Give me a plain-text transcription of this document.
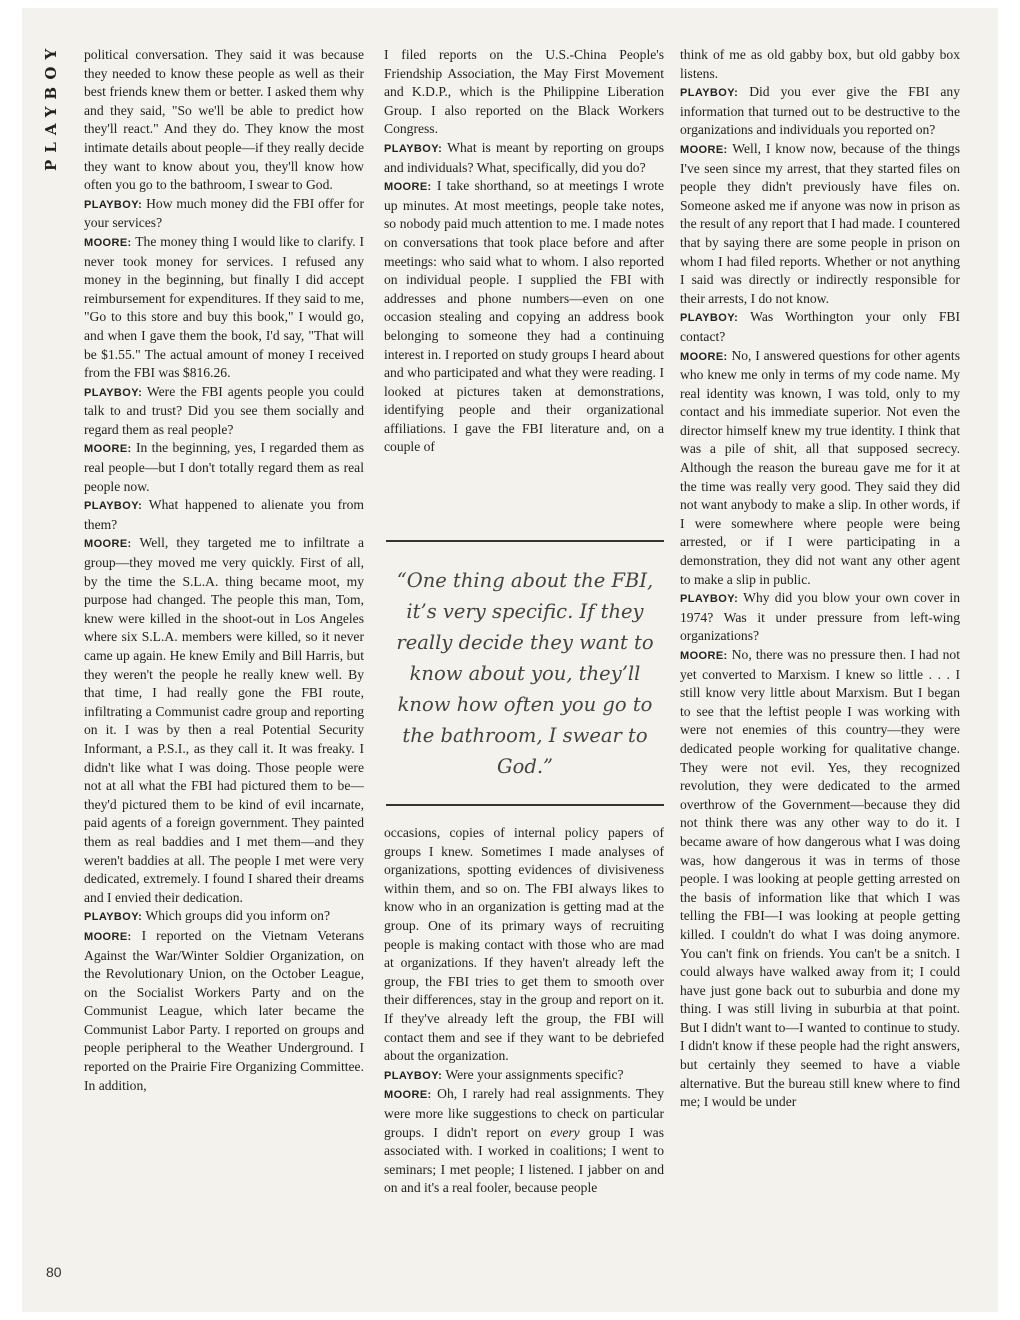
PLAYBOY
80

political conversation. They said it was because they needed to know these people as well as their best friends knew them or better. I asked them why and they said, "So we'll be able to predict how they'll react." And they do. They know the most intimate details about people—if they really decide they want to know about you, they'll know how often you go to the bathroom, I swear to God.

PLAYBOY: How much money did the FBI offer for your services?

MOORE: The money thing I would like to clarify. I never took money for services. I refused any money in the beginning, but finally I did accept reimbursement for expenditures. If they said to me, "Go to this store and buy this book," I would go, and when I gave them the book, I'd say, "That will be $1.55." The actual amount of money I received from the FBI was $816.26.

PLAYBOY: Were the FBI agents people you could talk to and trust? Did you see them socially and regard them as real people?

MOORE: In the beginning, yes, I regarded them as real people—but I don't totally regard them as real people now.

PLAYBOY: What happened to alienate you from them?

MOORE: Well, they targeted me to infiltrate a group—they moved me very quickly. First of all, by the time the S.L.A. thing became moot, my purpose had changed. The people this man, Tom, knew were killed in the shoot-out in Los Angeles where six S.L.A. members were killed, so it never came up again. He knew Emily and Bill Harris, but they weren't the people he really knew well. By that time, I had really gone the FBI route, infiltrating a Communist cadre group and reporting on it. I was by then a real Potential Security Informant, a P.S.I., as they call it. It was freaky. I didn't like what I was doing. Those people were not at all what the FBI had pictured them to be—they'd pictured them to be kind of evil incarnate, paid agents of a foreign government. They painted them as real baddies and I met them—and they weren't baddies at all. The people I met were very dedicated, extremely. I found I shared their dreams and I envied their dedication.

PLAYBOY: Which groups did you inform on?

MOORE: I reported on the Vietnam Veterans Against the War/Winter Soldier Organization, on the Revolutionary Union, on the October League, on the Socialist Workers Party and on the Communist League, which later became the Communist Labor Party. I reported on groups and people peripheral to the Weather Underground. I reported on the Prairie Fire Organizing Committee. In addition,

I filed reports on the U.S.-China People's Friendship Association, the May First Movement and K.D.P., which is the Philippine Liberation Group. I also reported on the Black Workers Congress.

PLAYBOY: What is meant by reporting on groups and individuals? What, specifically, did you do?

MOORE: I take shorthand, so at meetings I wrote up minutes. At most meetings, people take notes, so nobody paid much attention to me. I made notes on conversations that took place before and after meetings: who said what to whom. I also reported on individual people. I supplied the FBI with addresses and phone numbers—even on one occasion stealing and copying an address book belonging to someone they had a continuing interest in. I reported on study groups I heard about and who participated and what they were reading. I looked at pictures taken at demonstrations, identifying people and their organizational affiliations. I gave the FBI literature and, on a couple of

“One thing about the FBI, it’s very specific. If they really decide they want to know about you, they’ll know how often you go to the bathroom, I swear to God.”

occasions, copies of internal policy papers of groups I knew. Sometimes I made analyses of organizations, spotting evidences of divisiveness within them, and so on. The FBI always likes to know who in an organization is getting mad at the group. One of its primary ways of recruiting people is making contact with those who are mad at organizations. If they haven't already left the group, the FBI tries to get them to smooth over their differences, stay in the group and report on it. If they've already left the group, the FBI will contact them and see if they want to be debriefed about the organization.

PLAYBOY: Were your assignments specific?

MOORE: Oh, I rarely had real assignments. They were more like suggestions to check on particular groups. I didn't report on every group I was associated with. I worked in coalitions; I went to seminars; I met people; I listened. I jabber on and on and it's a real fooler, because people

think of me as old gabby box, but old gabby box listens.

PLAYBOY: Did you ever give the FBI any information that turned out to be destructive to the organizations and individuals you reported on?

MOORE: Well, I know now, because of the things I've seen since my arrest, that they started files on people they didn't previously have files on. Someone asked me if anyone was now in prison as the result of any report that I had made. I countered that by saying there are some people in prison on whom I had filed reports. Whether or not anything I said was directly or indirectly responsible for their arrests, I do not know.

PLAYBOY: Was Worthington your only FBI contact?

MOORE: No, I answered questions for other agents who knew me only in terms of my code name. My real identity was known, I was told, only to my contact and his immediate superior. Not even the director himself knew my true identity. I think that was a pile of shit, all that supposed secrecy. Although the reason the bureau gave me for it at the time was really very good. They said they did not want anybody to make a slip. In other words, if I were somewhere where people were being arrested, or if I were participating in a demonstration, they did not want any other agent to make a slip in public.

PLAYBOY: Why did you blow your own cover in 1974? Was it under pressure from left-wing organizations?

MOORE: No, there was no pressure then. I had not yet converted to Marxism. I knew so little . . . I still know very little about Marxism. But I began to see that the leftist people I was working with were not enemies of this country—they were dedicated people working for qualitative change. They were not evil. Yes, they recognized revolution, they were dedicated to the armed overthrow of the Government—because they did not think there was any other way to do it. I became aware of how dangerous what I was doing was, how dangerous it was in terms of those people. I was looking at people getting arrested on the basis of information like that which I was telling the FBI—I was looking at people getting killed. I couldn't do what I was doing anymore. You can't fink on friends. You can't be a snitch. I could always have walked away from it; I could have just gone back out to suburbia and done my thing. I was still living in suburbia at that point. But I didn't want to—I wanted to continue to study. I didn't know if these people had the right answers, but certainly they seemed to have a viable alternative. But the bureau still knew where to find me; I would be under
